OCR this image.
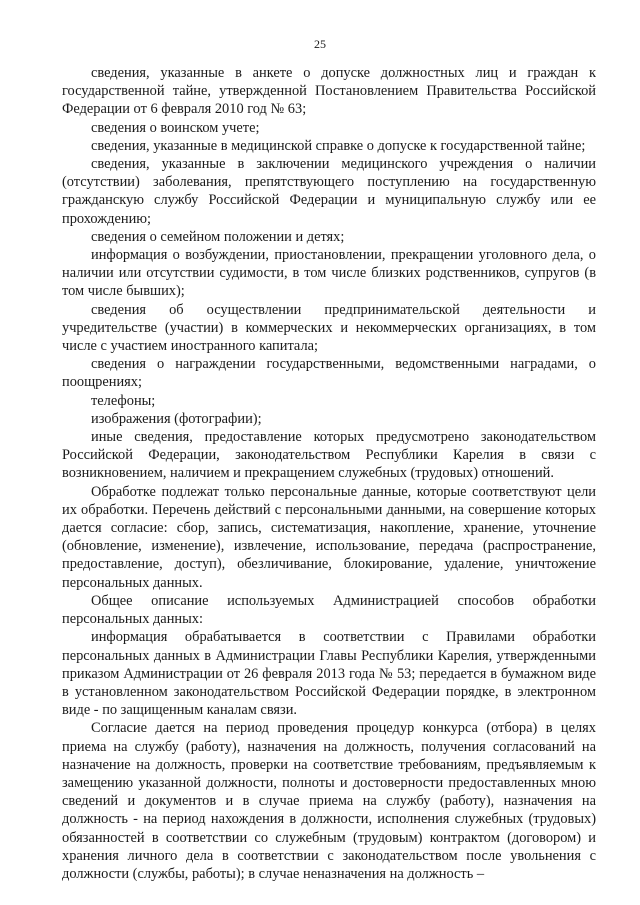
25

сведения, указанные в анкете о допуске должностных лиц и граждан к государственной тайне, утвержденной Постановлением Правительства Российской Федерации от 6 февраля 2010 год № 63;

сведения о воинском учете;

сведения, указанные в медицинской справке о допуске к государственной тайне;

сведения, указанные в заключении медицинского учреждения о наличии (отсутствии) заболевания, препятствующего поступлению на государственную гражданскую службу Российской Федерации и муниципальную службу или ее прохождению;

сведения о семейном положении и детях;

информация о возбуждении, приостановлении, прекращении уголовного дела, о наличии или отсутствии судимости, в том числе близких родственников, супругов (в том числе бывших);

сведения об осуществлении предпринимательской деятельности и учредительстве (участии) в коммерческих и некоммерческих организациях, в том числе с участием иностранного капитала;

сведения о награждении государственными, ведомственными наградами, о поощрениях;

телефоны;

изображения (фотографии);

иные сведения, предоставление которых предусмотрено законодательством Российской Федерации, законодательством Республики Карелия в связи с возникновением, наличием и прекращением служебных (трудовых) отношений.

Обработке подлежат только персональные данные, которые соответствуют цели их обработки. Перечень действий с персональными данными, на совершение которых дается согласие: сбор, запись, систематизация, накопление, хранение, уточнение (обновление, изменение), извлечение, использование, передача (распространение, предоставление, доступ), обезличивание, блокирование, удаление, уничтожение персональных данных.

Общее описание используемых Администрацией способов обработки персональных данных:

информация обрабатывается в соответствии с Правилами обработки персональных данных в Администрации Главы Республики Карелия, утвержденными приказом Администрации от 26 февраля 2013 года № 53; передается в бумажном виде в установленном законодательством Российской Федерации порядке, в электронном виде - по защищенным каналам связи.

Согласие дается на период проведения процедур конкурса (отбора) в целях приема на службу (работу), назначения на должность, получения согласований на назначение на должность, проверки на соответствие требованиям, предъявляемым к замещению указанной должности, полноты и достоверности предоставленных мною сведений и документов и в случае приема на службу (работу), назначения на должность - на период нахождения в должности, исполнения служебных (трудовых) обязанностей в соответствии со служебным (трудовым) контрактом (договором) и хранения личного дела в соответствии с законодательством после увольнения с должности (службы, работы); в случае неназначения на должность –
